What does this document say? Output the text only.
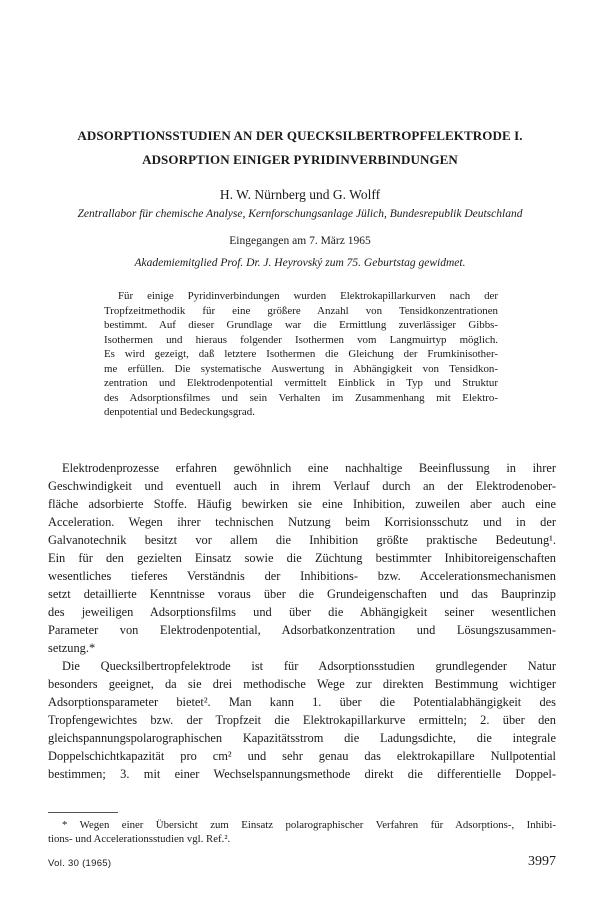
ADSORPTIONSSTUDIEN AN DER QUECKSILBERTROPFELEKTRODE I.
ADSORPTION EINIGER PYRIDINVERBINDUNGEN
H. W. Nürnberg und G. Wolff
Zentrallabor für chemische Analyse, Kernforschungsanlage Jülich, Bundesrepublik Deutschland
Eingegangen am 7. März 1965
Akademiemitglied Prof. Dr. J. Heyrovský zum 75. Geburtstag gewidmet.
Für einige Pyridinverbindungen wurden Elektrokapillarkurven nach der
Tropfzeitmethodik für eine größere Anzahl von Tensidkonzentrationen
bestimmt. Auf dieser Grundlage war die Ermittlung zuverlässiger Gibbs-
Isothermen und hieraus folgender Isothermen vom Langmuirtyp möglich.
Es wird gezeigt, daß letztere Isothermen die Gleichung der Frumkinisother-
me erfüllen. Die systematische Auswertung in Abhängigkeit von Tensidkon-
zentration und Elektrodenpotential vermittelt Einblick in Typ und Struktur
des Adsorptionsfilmes und sein Verhalten im Zusammenhang mit Elektro-
denpotential und Bedeckungsgrad.
Elektrodenprozesse erfahren gewöhnlich eine nachhaltige Beeinflussung in ihrer
Geschwindigkeit und eventuell auch in ihrem Verlauf durch an der Elektrodenober-
fläche adsorbierte Stoffe. Häufig bewirken sie eine Inhibition, zuweilen aber auch eine
Acceleration. Wegen ihrer technischen Nutzung beim Korrisionsschutz und in der
Galvanotechnik besitzt vor allem die Inhibition größte praktische Bedeutung¹.
Ein für den gezielten Einsatz sowie die Züchtung bestimmter Inhibitoreigenschaften
wesentliches tieferes Verständnis der Inhibitions- bzw. Accelerationsmechanismen
setzt detaillierte Kenntnisse voraus über die Grundeigenschaften und das Bauprinzip
des jeweiligen Adsorptionsfilms und über die Abhängigkeit seiner wesentlichen
Parameter von Elektrodenpotential, Adsorbatkonzentration und Lösungszusammen-
setzung.*
Die Quecksilbertropfelektrode ist für Adsorptionsstudien grundlegender Natur
besonders geeignet, da sie drei methodische Wege zur direkten Bestimmung wichtiger
Adsorptionsparameter bietet². Man kann 1. über die Potentialabhängigkeit des
Tropfengewichtes bzw. der Tropfzeit die Elektrokapillarkurve ermitteln; 2. über den
gleichspannungspolarographischen Kapazitätsstrom die Ladungsdichte, die integrale
Doppelschichtkapazität pro cm² und sehr genau das elektrokapillare Nullpotential
bestimmen; 3. mit einer Wechselspannungsmethode direkt die differentielle Doppel-
* Wegen einer Übersicht zum Einsatz polarographischer Verfahren für Adsorptions-, Inhibi-
tions- und Accelerationsstudien vgl. Ref.².
Vol. 30 (1965)	3997
